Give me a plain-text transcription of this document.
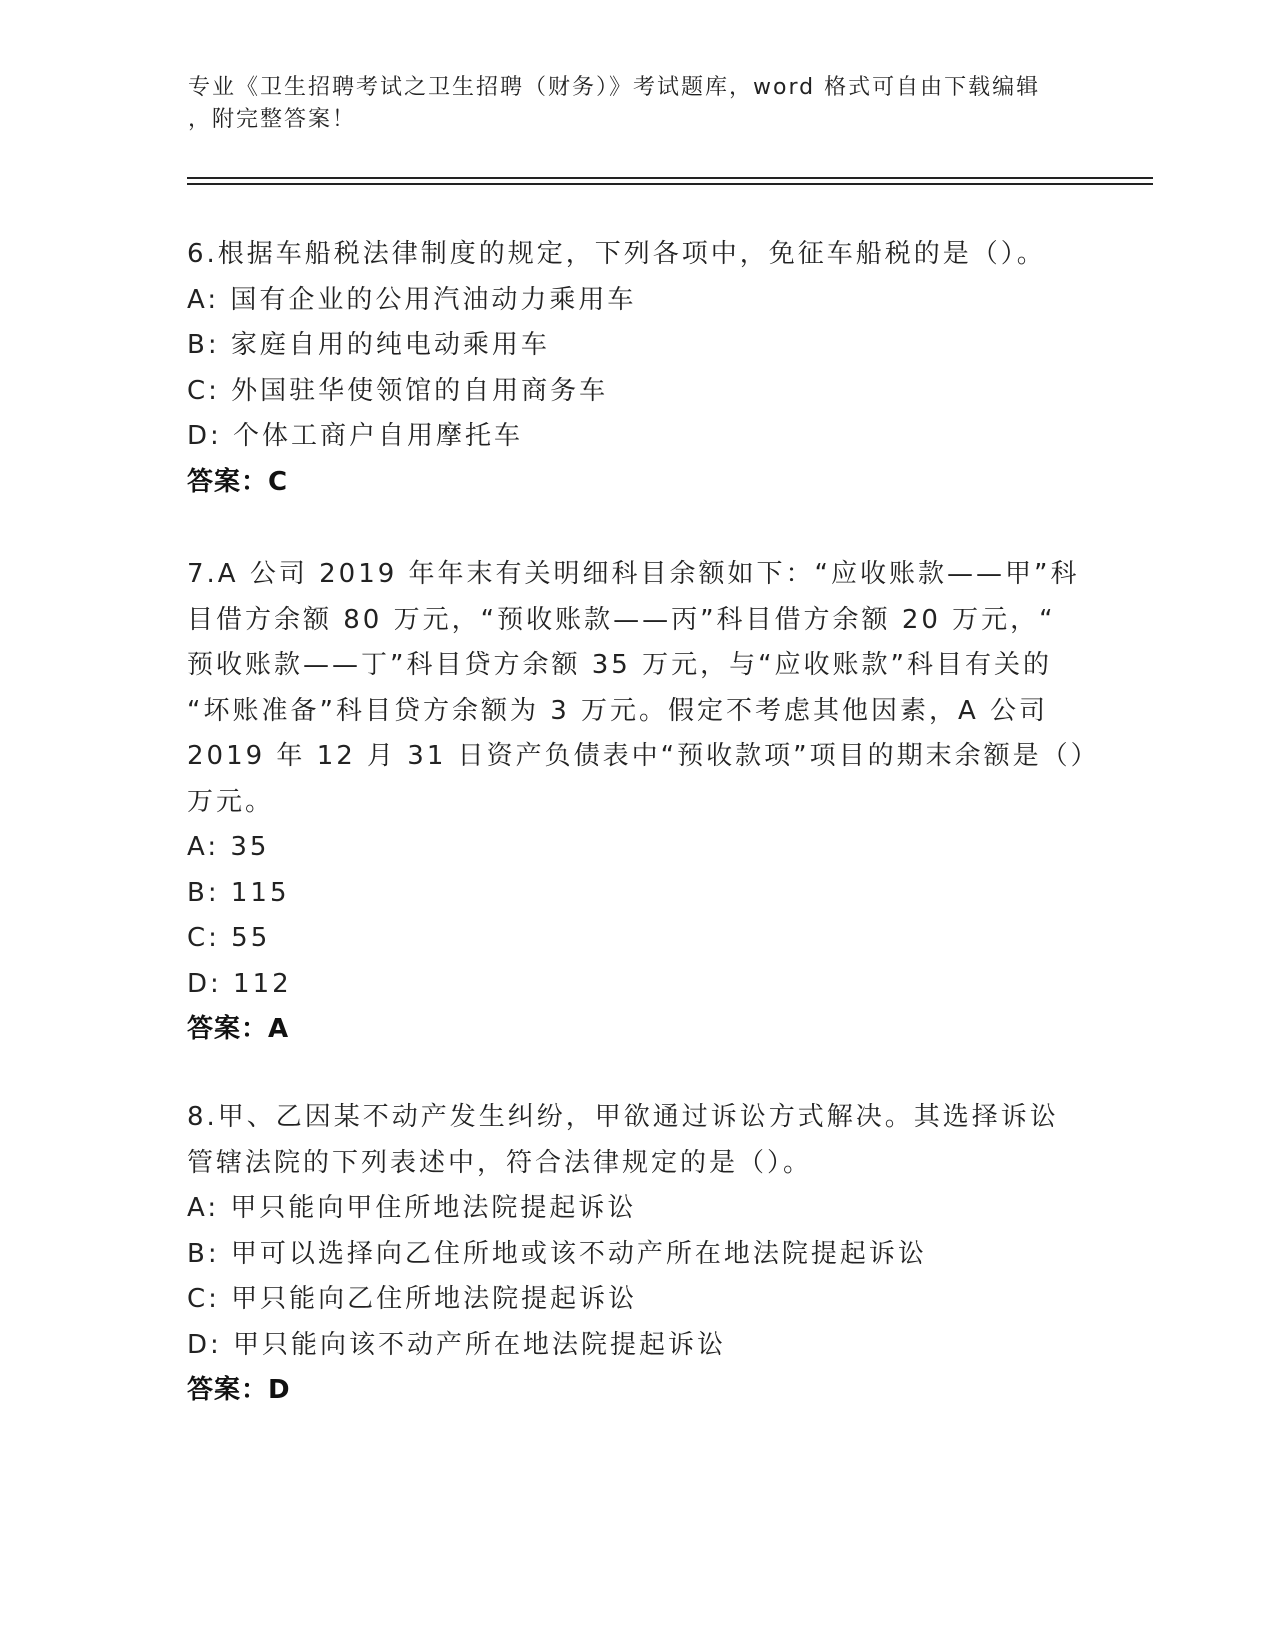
专业《卫生招聘考试之卫生招聘（财务）》考试题库，word 格式可自由下载编辑
，附完整答案！
6.根据车船税法律制度的规定，下列各项中，免征车船税的是（）。
A: 国有企业的公用汽油动力乘用车
B: 家庭自用的纯电动乘用车
C: 外国驻华使领馆的自用商务车
D: 个体工商户自用摩托车
答案：C
7.A 公司 2019 年年末有关明细科目余额如下：“应收账款——甲”科
目借方余额 80 万元，“预收账款——丙”科目借方余额 20 万元，“
预收账款——丁”科目贷方余额 35 万元，与“应收账款”科目有关的
“坏账准备”科目贷方余额为 3 万元。假定不考虑其他因素，A 公司
2019 年 12 月 31 日资产负债表中“预收款项”项目的期末余额是（）
万元。
A: 35
B: 115
C: 55
D: 112
答案：A
8.甲、乙因某不动产发生纠纷，甲欲通过诉讼方式解决。其选择诉讼
管辖法院的下列表述中，符合法律规定的是（）。
A: 甲只能向甲住所地法院提起诉讼
B: 甲可以选择向乙住所地或该不动产所在地法院提起诉讼
C: 甲只能向乙住所地法院提起诉讼
D: 甲只能向该不动产所在地法院提起诉讼
答案：D
